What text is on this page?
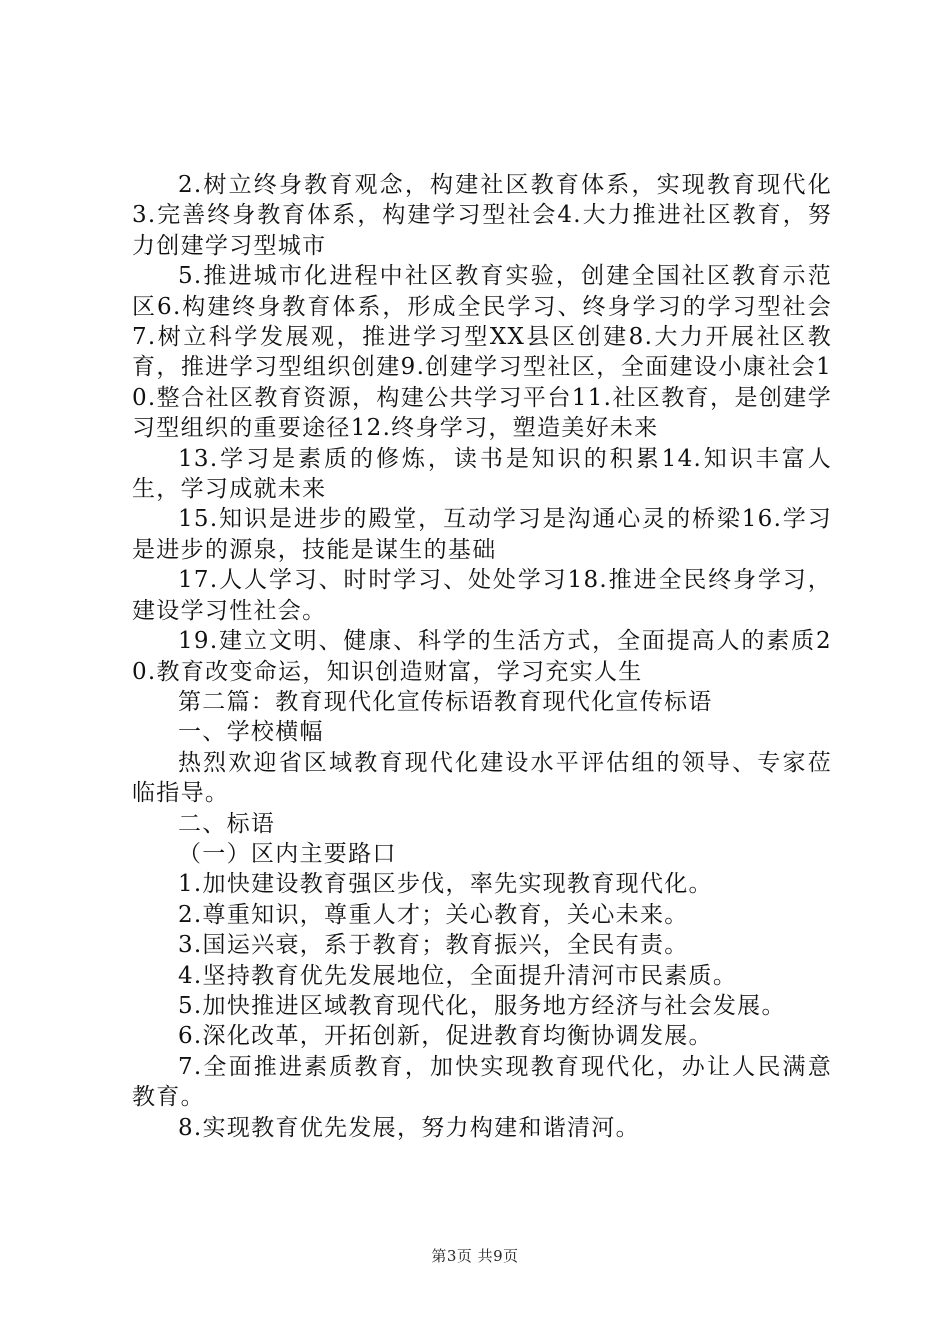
2.树立终身教育观念，构建社区教育体系，实现教育现代化3.完善终身教育体系，构建学习型社会4.大力推进社区教育，努力创建学习型城市

5.推进城市化进程中社区教育实验，创建全国社区教育示范区6.构建终身教育体系，形成全民学习、终身学习的学习型社会7.树立科学发展观，推进学习型XX县区创建8.大力开展社区教育，推进学习型组织创建9.创建学习型社区，全面建设小康社会10.整合社区教育资源，构建公共学习平台11.社区教育，是创建学习型组织的重要途径12.终身学习，塑造美好未来

13.学习是素质的修炼，读书是知识的积累14.知识丰富人生，学习成就未来

15.知识是进步的殿堂，互动学习是沟通心灵的桥梁16.学习是进步的源泉，技能是谋生的基础

17.人人学习、时时学习、处处学习18.推进全民终身学习，建设学习性社会。

19.建立文明、健康、科学的生活方式，全面提高人的素质20.教育改变命运，知识创造财富，学习充实人生

第二篇：教育现代化宣传标语教育现代化宣传标语

一、学校横幅

热烈欢迎省区域教育现代化建设水平评估组的领导、专家莅临指导。

二、标语

（一）区内主要路口

1.加快建设教育强区步伐，率先实现教育现代化。

2.尊重知识，尊重人才；关心教育，关心未来。

3.国运兴衰，系于教育；教育振兴，全民有责。

4.坚持教育优先发展地位，全面提升清河市民素质。

5.加快推进区域教育现代化，服务地方经济与社会发展。

6.深化改革，开拓创新，促进教育均衡协调发展。

7.全面推进素质教育，加快实现教育现代化，办让人民满意教育。

8.实现教育优先发展，努力构建和谐清河。

第3页 共9页
